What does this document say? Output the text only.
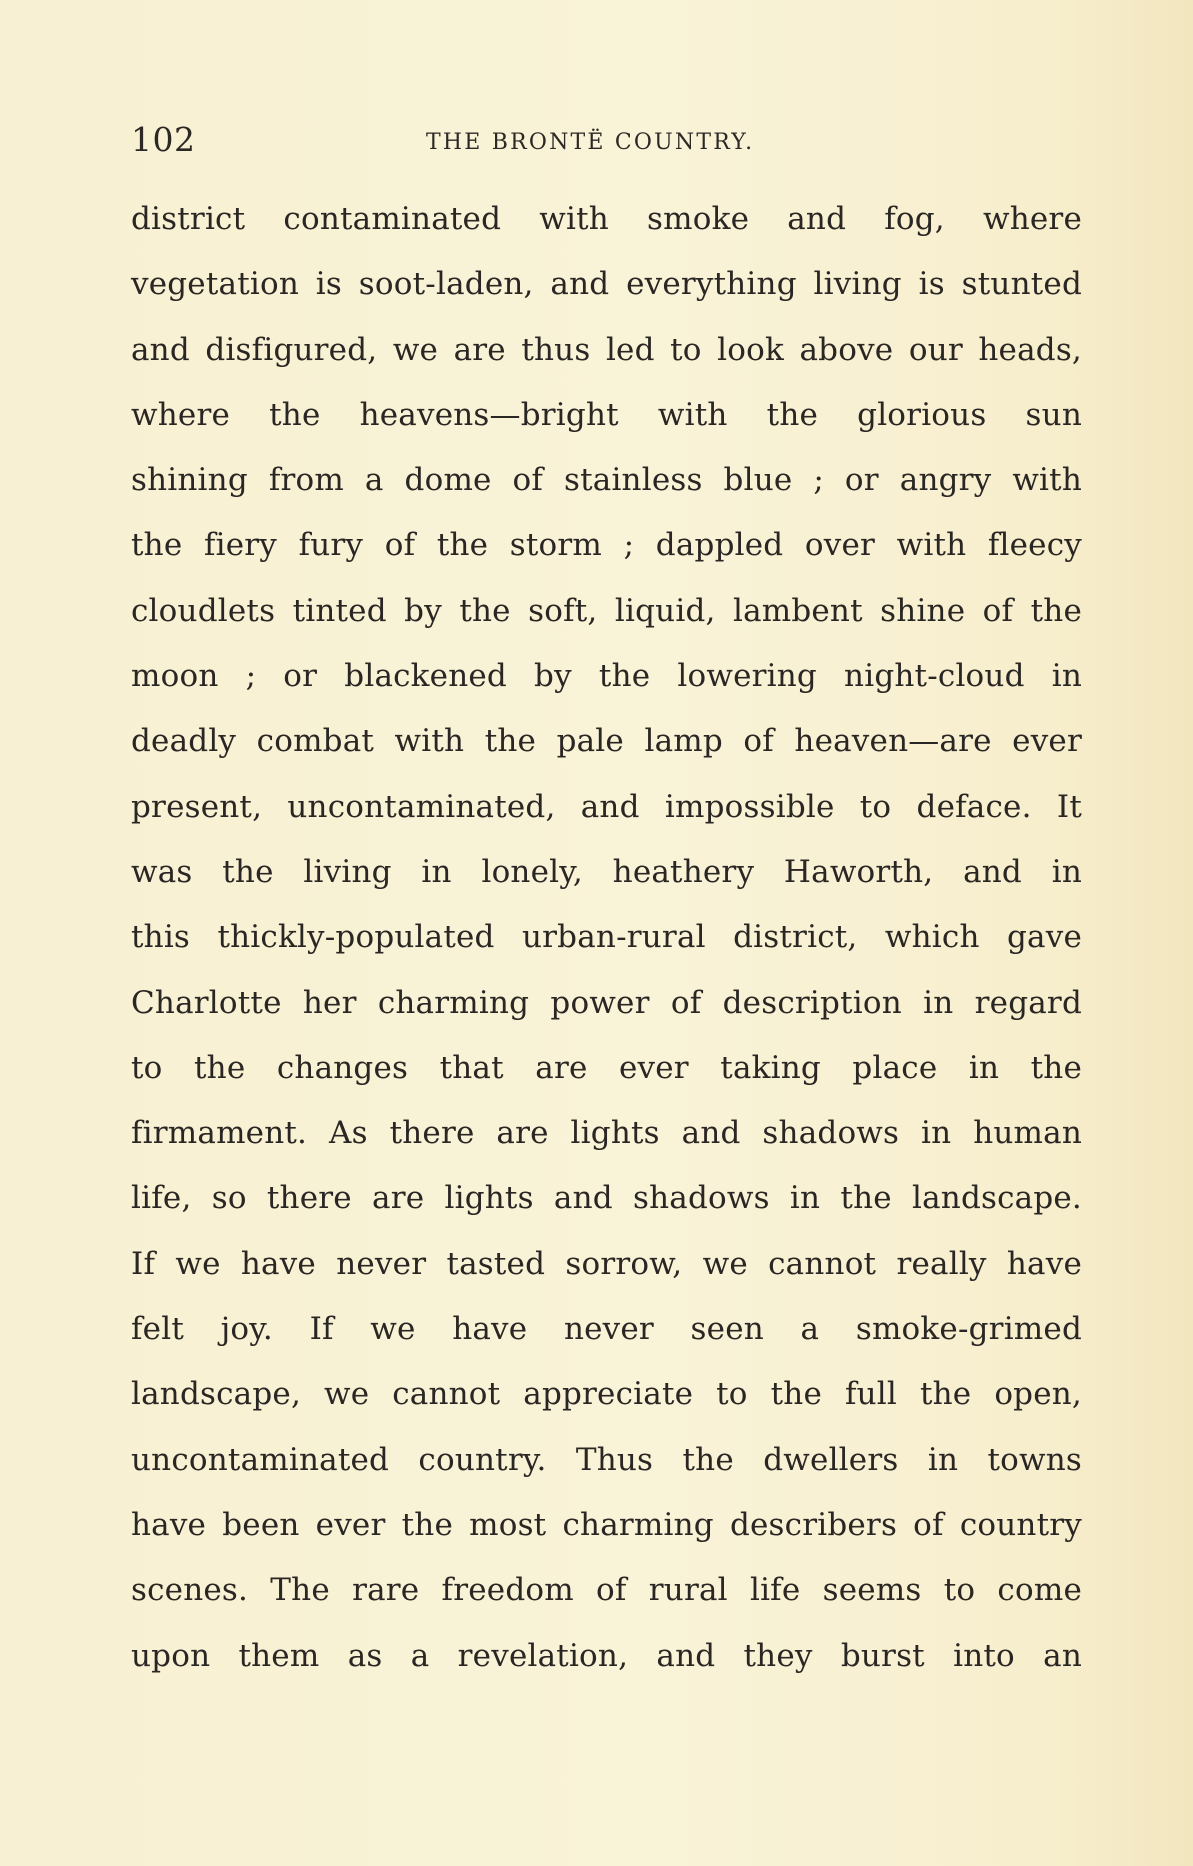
102	THE BRONTË COUNTRY.
district contaminated with smoke and fog, where
vegetation is soot-laden, and everything living is stunted
and disfigured, we are thus led to look above our heads,
where the heavens—bright with the glorious sun
shining from a dome of stainless blue ; or angry with
the fiery fury of the storm ; dappled over with fleecy
cloudlets tinted by the soft, liquid, lambent shine of the
moon ; or blackened by the lowering night-cloud in
deadly combat with the pale lamp of heaven—are ever
present, uncontaminated, and impossible to deface. It
was the living in lonely, heathery Haworth, and in
this thickly-populated urban-rural district, which gave
Charlotte her charming power of description in regard
to the changes that are ever taking place in the
firmament. As there are lights and shadows in human
life, so there are lights and shadows in the landscape.
If we have never tasted sorrow, we cannot really have
felt joy. If we have never seen a smoke-grimed
landscape, we cannot appreciate to the full the open,
uncontaminated country. Thus the dwellers in towns
have been ever the most charming describers of country
scenes. The rare freedom of rural life seems to come
upon them as a revelation, and they burst into an
